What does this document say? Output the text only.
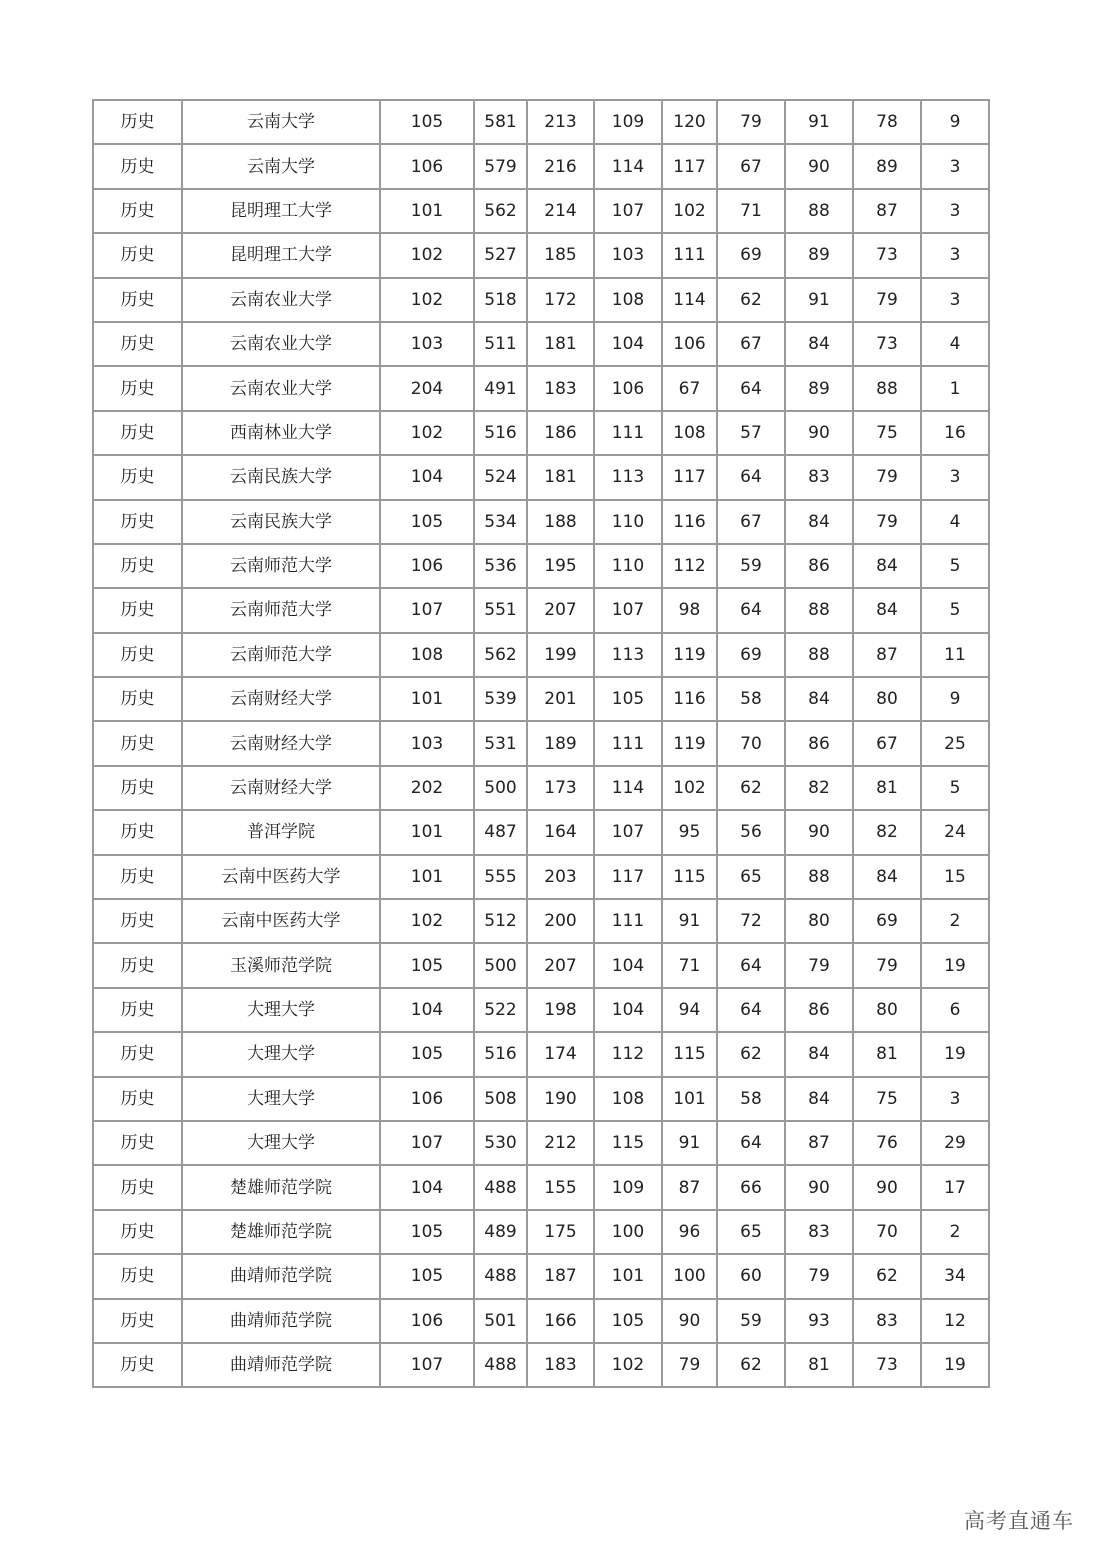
历史	云南大学	105	581	213	109	120	79	91	78	9
历史	云南大学	106	579	216	114	117	67	90	89	3
历史	昆明理工大学	101	562	214	107	102	71	88	87	3
历史	昆明理工大学	102	527	185	103	111	69	89	73	3
历史	云南农业大学	102	518	172	108	114	62	91	79	3
历史	云南农业大学	103	511	181	104	106	67	84	73	4
历史	云南农业大学	204	491	183	106	67	64	89	88	1
历史	西南林业大学	102	516	186	111	108	57	90	75	16
历史	云南民族大学	104	524	181	113	117	64	83	79	3
历史	云南民族大学	105	534	188	110	116	67	84	79	4
历史	云南师范大学	106	536	195	110	112	59	86	84	5
历史	云南师范大学	107	551	207	107	98	64	88	84	5
历史	云南师范大学	108	562	199	113	119	69	88	87	11
历史	云南财经大学	101	539	201	105	116	58	84	80	9
历史	云南财经大学	103	531	189	111	119	70	86	67	25
历史	云南财经大学	202	500	173	114	102	62	82	81	5
历史	普洱学院	101	487	164	107	95	56	90	82	24
历史	云南中医药大学	101	555	203	117	115	65	88	84	15
历史	云南中医药大学	102	512	200	111	91	72	80	69	2
历史	玉溪师范学院	105	500	207	104	71	64	79	79	19
历史	大理大学	104	522	198	104	94	64	86	80	6
历史	大理大学	105	516	174	112	115	62	84	81	19
历史	大理大学	106	508	190	108	101	58	84	75	3
历史	大理大学	107	530	212	115	91	64	87	76	29
历史	楚雄师范学院	104	488	155	109	87	66	90	90	17
历史	楚雄师范学院	105	489	175	100	96	65	83	70	2
历史	曲靖师范学院	105	488	187	101	100	60	79	62	34
历史	曲靖师范学院	106	501	166	105	90	59	93	83	12
历史	曲靖师范学院	107	488	183	102	79	62	81	73	19
高考直通车
